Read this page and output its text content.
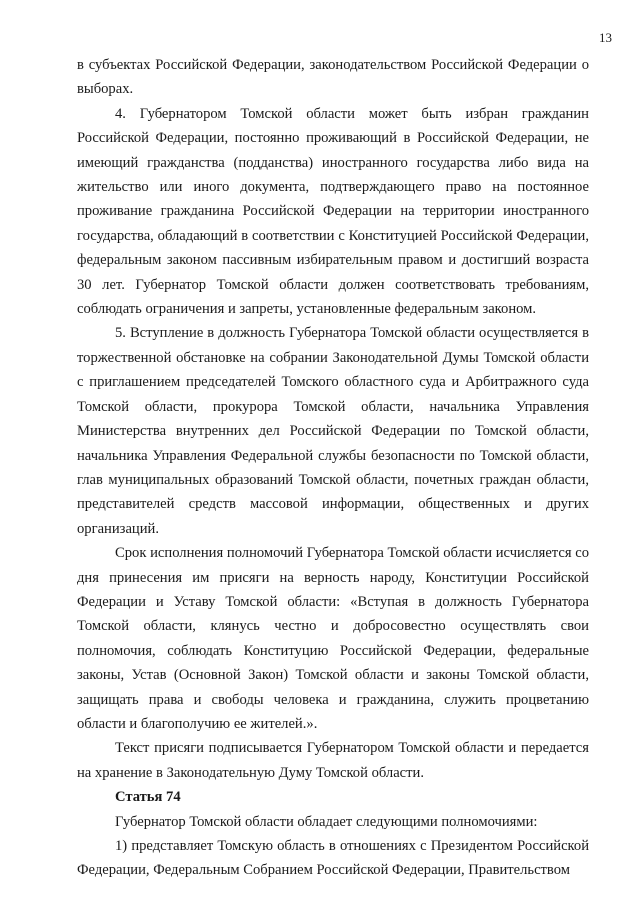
13

в субъектах Российской Федерации, законодательством Российской Федерации о выборах.

4. Губернатором Томской области может быть избран гражданин Российской Федерации, постоянно проживающий в Российской Федерации, не имеющий гражданства (подданства) иностранного государства либо вида на жительство или иного документа, подтверждающего право на постоянное проживание гражданина Российской Федерации на территории иностранного государства, обладающий в соответствии с Конституцией Российской Федерации, федеральным законом пассивным избирательным правом и достигший возраста 30 лет. Губернатор Томской области должен соответствовать требованиям, соблюдать ограничения и запреты, установленные федеральным законом.

5. Вступление в должность Губернатора Томской области осуществляется в торжественной обстановке на собрании Законодательной Думы Томской области с приглашением председателей Томского областного суда и Арбитражного суда Томской области, прокурора Томской области, начальника Управления Министерства внутренних дел Российской Федерации по Томской области, начальника Управления Федеральной службы безопасности по Томской области, глав муниципальных образований Томской области, почетных граждан области, представителей средств массовой информации, общественных и других организаций.

Срок исполнения полномочий Губернатора Томской области исчисляется со дня принесения им присяги на верность народу, Конституции Российской Федерации и Уставу Томской области: «Вступая в должность Губернатора Томской области, клянусь честно и добросовестно осуществлять свои полномочия, соблюдать Конституцию Российской Федерации, федеральные законы, Устав (Основной Закон) Томской области и законы Томской области, защищать права и свободы человека и гражданина, служить процветанию области и благополучию ее жителей.».

Текст присяги подписывается Губернатором Томской области и передается на хранение в Законодательную Думу Томской области.

Статья 74

Губернатор Томской области обладает следующими полномочиями:

1) представляет Томскую область в отношениях с Президентом Российской Федерации, Федеральным Собранием Российской Федерации, Правительством
